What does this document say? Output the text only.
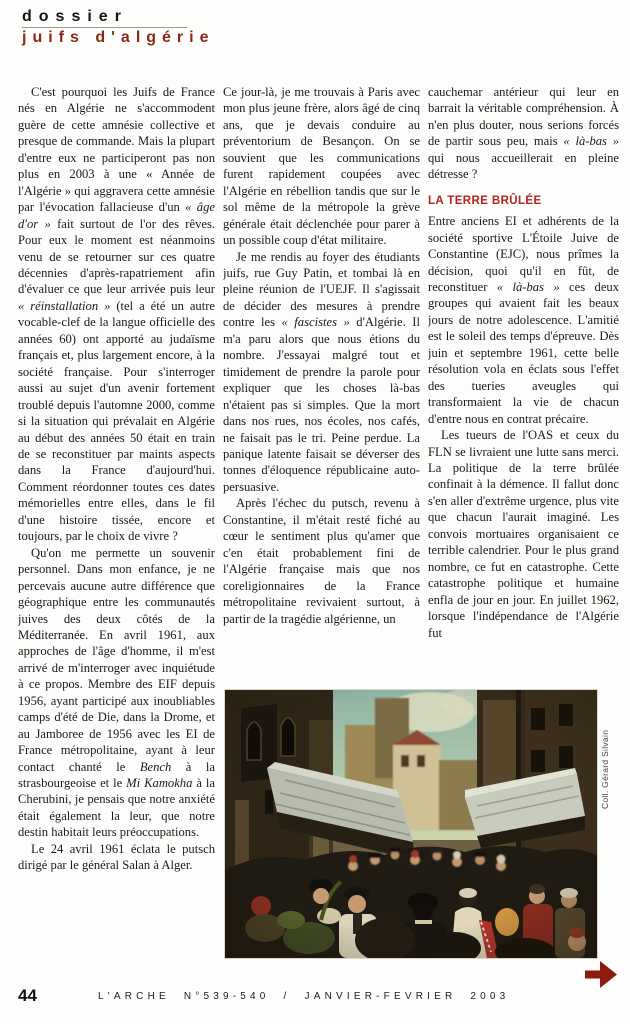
dossier
juifs d'algérie

C'est pourquoi les Juifs de France nés en Algérie ne s'accommodent guère de cette amnésie collective et presque de commande. Mais la plupart d'entre eux ne participeront pas non plus en 2003 à une « Année de l'Algérie » qui aggravera cette amnésie par l'évocation fallacieuse d'un « âge d'or » fait surtout de l'or des rêves. Pour eux le moment est néanmoins venu de se retourner sur ces quatre décennies d'après-rapatriement afin d'évaluer ce que leur arrivée puis leur « réinstallation » (tel a été un autre vocable-clef de la langue officielle des années 60) ont apporté au judaïsme français et, plus largement encore, à la société française. Pour s'interroger aussi au sujet d'un avenir fortement troublé depuis l'automne 2000, comme si la situation qui prévalait en Algérie au début des années 50 était en train de se reconstituer par maints aspects dans la France d'aujourd'hui. Comment réordonner toutes ces dates mémorielles entre elles, dans le fil d'une histoire tissée, encore et toujours, par le choix de vivre ?

Qu'on me permette un souvenir personnel. Dans mon enfance, je ne percevais aucune autre différence que géographique entre les communautés juives des deux côtés de la Méditerranée. En avril 1961, aux approches de l'âge d'homme, il m'est arrivé de m'interroger avec inquiétude à ce propos. Membre des EIF depuis 1956, ayant participé aux inoubliables camps d'été de Die, dans la Drome, et au Jamboree de 1956 avec les EI de France métropolitaine, ayant à leur contact chanté le Bench à la strasbourgeoise et le Mi Kamokha à la Cherubini, je pensais que notre anxiété était également la leur, que notre destin habitait leurs préoccupations.

Le 24 avril 1961 éclata le putsch dirigé par le général Salan à Alger.

Ce jour-là, je me trouvais à Paris avec mon plus jeune frère, alors âgé de cinq ans, que je devais conduire au préventorium de Besançon. On se souvient que les communications furent rapidement coupées avec l'Algérie en rébellion tandis que sur le sol même de la métropole la grève générale était déclenchée pour parer à un possible coup d'état militaire.

Je me rendis au foyer des étudiants juifs, rue Guy Patin, et tombai là en pleine réunion de l'UEJF. Il s'agissait de décider des mesures à prendre contre les « fascistes » d'Algérie. Il m'a paru alors que nous étions du nombre. J'essayai malgré tout et timidement de prendre la parole pour expliquer que les choses là-bas n'étaient pas si simples. Que la mort dans nos rues, nos écoles, nos cafés, ne faisait pas le tri. Peine perdue. La panique latente faisait se déverser des tonnes d'éloquence républicaine auto-persuasive.

Après l'échec du putsch, revenu à Constantine, il m'était resté fiché au cœur le sentiment plus qu'amer que c'en était probablement fini de l'Algérie française mais que nos coreligionnaires de la France métropolitaine revivaient surtout, à partir de la tragédie algérienne, un

cauchemar antérieur qui leur en barrait la véritable compréhension. À n'en plus douter, nous serions forcés de partir sous peu, mais « là-bas » qui nous accueillerait en pleine détresse ?

LA TERRE BRÛLÉE

Entre anciens EI et adhérents de la société sportive L'Étoile Juive de Constantine (EJC), nous prîmes la décision, quoi qu'il en fût, de reconstituer « là-bas » ces deux groupes qui avaient fait les beaux jours de notre adolescence. L'amitié est le soleil des temps d'épreuve. Dès juin et septembre 1961, cette belle résolution vola en éclats sous l'effet des tueries aveugles qui transformaient la vie de chacun d'entre nous en contrat précaire.

Les tueurs de l'OAS et ceux du FLN se livraient une lutte sans merci. La politique de la terre brûlée confinait à la démence. Il fallut donc s'en aller d'extrême urgence, plus vite que chacun l'aurait imaginé. Les convois mortuaires organisaient ce terrible calendrier. Pour le plus grand nombre, ce fut en catastrophe. Cette catastrophe politique et humaine enfla de jour en jour. En juillet 1962, lorsque l'indépendance de l'Algérie fut

Coll. Gérard Silvain
44	L'ARCHE N°539-540 / JANVIER-FEVRIER 2003
